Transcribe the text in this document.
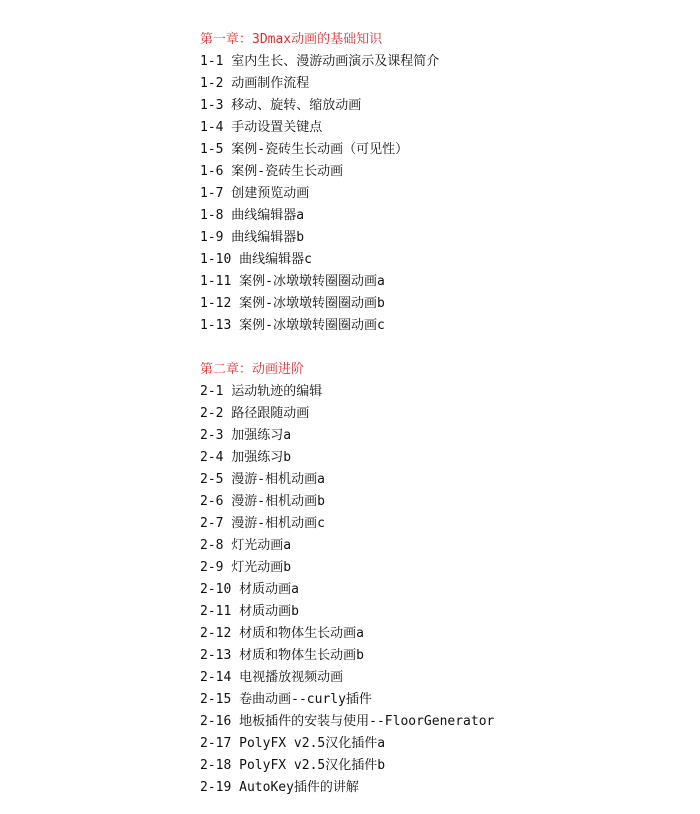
第一章：3Dmax动画的基础知识
1-1 室内生长、漫游动画演示及课程简介
1-2 动画制作流程
1-3 移动、旋转、缩放动画
1-4 手动设置关键点
1-5 案例-瓷砖生长动画（可见性）
1-6 案例-瓷砖生长动画
1-7 创建预览动画
1-8 曲线编辑器a
1-9 曲线编辑器b
1-10 曲线编辑器c
1-11 案例-冰墩墩转圈圈动画a
1-12 案例-冰墩墩转圈圈动画b
1-13 案例-冰墩墩转圈圈动画c
第二章：动画进阶
2-1 运动轨迹的编辑
2-2 路径跟随动画
2-3 加强练习a
2-4 加强练习b
2-5 漫游-相机动画a
2-6 漫游-相机动画b
2-7 漫游-相机动画c
2-8 灯光动画a
2-9 灯光动画b
2-10 材质动画a
2-11 材质动画b
2-12 材质和物体生长动画a
2-13 材质和物体生长动画b
2-14 电视播放视频动画
2-15 卷曲动画--curly插件
2-16 地板插件的安装与使用--FloorGenerator
2-17 PolyFX v2.5汉化插件a
2-18 PolyFX v2.5汉化插件b
2-19 AutoKey插件的讲解
